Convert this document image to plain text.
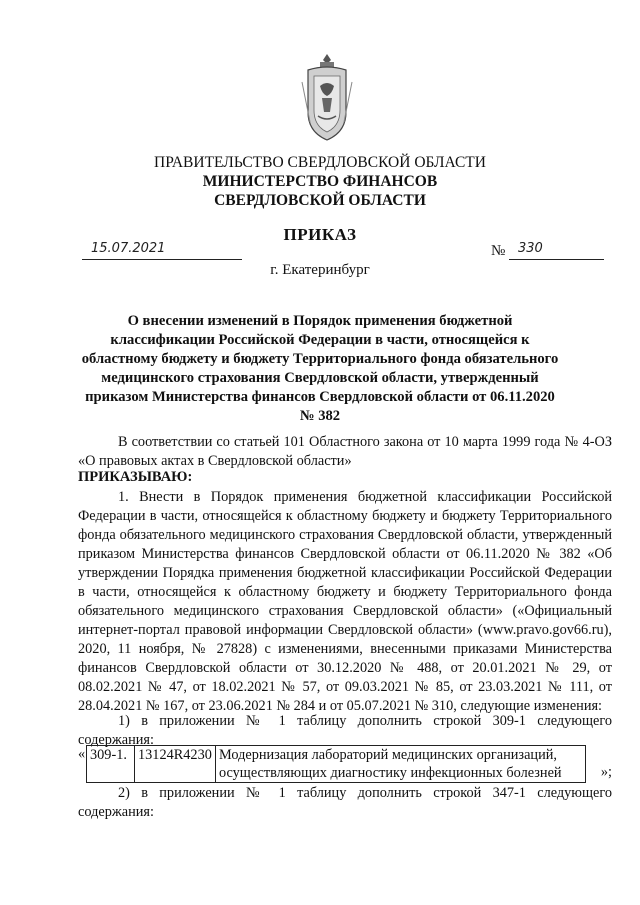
ПРАВИТЕЛЬСТВО СВЕРДЛОВСКОЙ ОБЛАСТИ
МИНИСТЕРСТВО ФИНАНСОВ
СВЕРДЛОВСКОЙ ОБЛАСТИ
ПРИКАЗ
15.07.2021	№ 330
г. Екатеринбург
О внесении изменений в Порядок применения бюджетной классификации Российской Федерации в части, относящейся к областному бюджету и бюджету Территориального фонда обязательного медицинского страхования Свердловской области, утвержденный приказом Министерства финансов Свердловской области от 06.11.2020 № 382
В соответствии со статьей 101 Областного закона от 10 марта 1999 года № 4-ОЗ «О правовых актах в Свердловской области»
ПРИКАЗЫВАЮ:
1. Внести в Порядок применения бюджетной классификации Российской Федерации в части, относящейся к областному бюджету и бюджету Территориального фонда обязательного медицинского страхования Свердловской области, утвержденный приказом Министерства финансов Свердловской области от 06.11.2020 № 382 «Об утверждении Порядка применения бюджетной классификации Российской Федерации в части, относящейся к областному бюджету и бюджету Территориального фонда обязательного медицинского страхования Свердловской области» («Официальный интернет-портал правовой информации Свердловской области» (www.pravo.gov66.ru), 2020, 11 ноября, № 27828) с изменениями, внесенными приказами Министерства финансов Свердловской области от 30.12.2020 № 488, от 20.01.2021 № 29, от 08.02.2021 № 47, от 18.02.2021 № 57, от 09.03.2021 № 85, от 23.03.2021 № 111, от 28.04.2021 № 167, от 23.06.2021 № 284 и от 05.07.2021 № 310, следующие изменения:
1) в приложении № 1 таблицу дополнить строкой 309-1 следующего содержания:
« 309-1.	13124R4230	Модернизация лабораторий медицинских организаций, осуществляющих диагностику инфекционных болезней	»;
2) в приложении № 1 таблицу дополнить строкой 347-1 следующего содержания:
